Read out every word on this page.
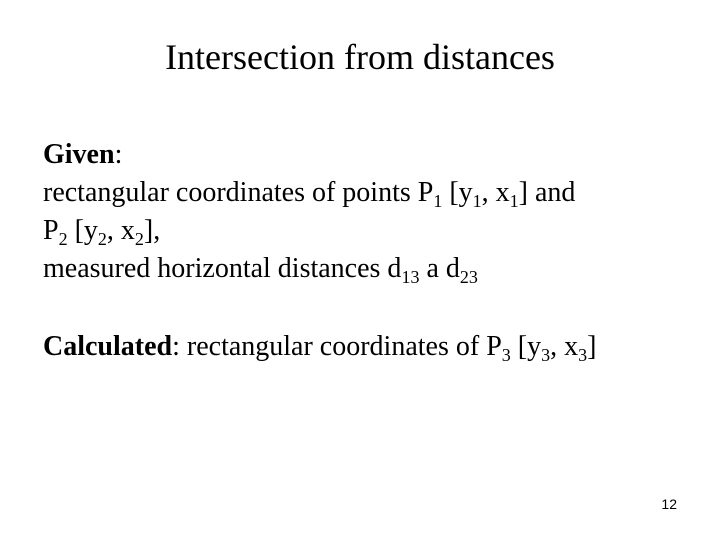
Intersection from distances
Given:
rectangular coordinates of points $P_1$ [$y_1$, $x_1$] and
$P_2$ [$y_2$, $x_2$],
measured horizontal distances $d_{13}$ a $d_{23}$
Calculated: rectangular coordinates of $P_3$ [$y_3$, $x_3$]
12
